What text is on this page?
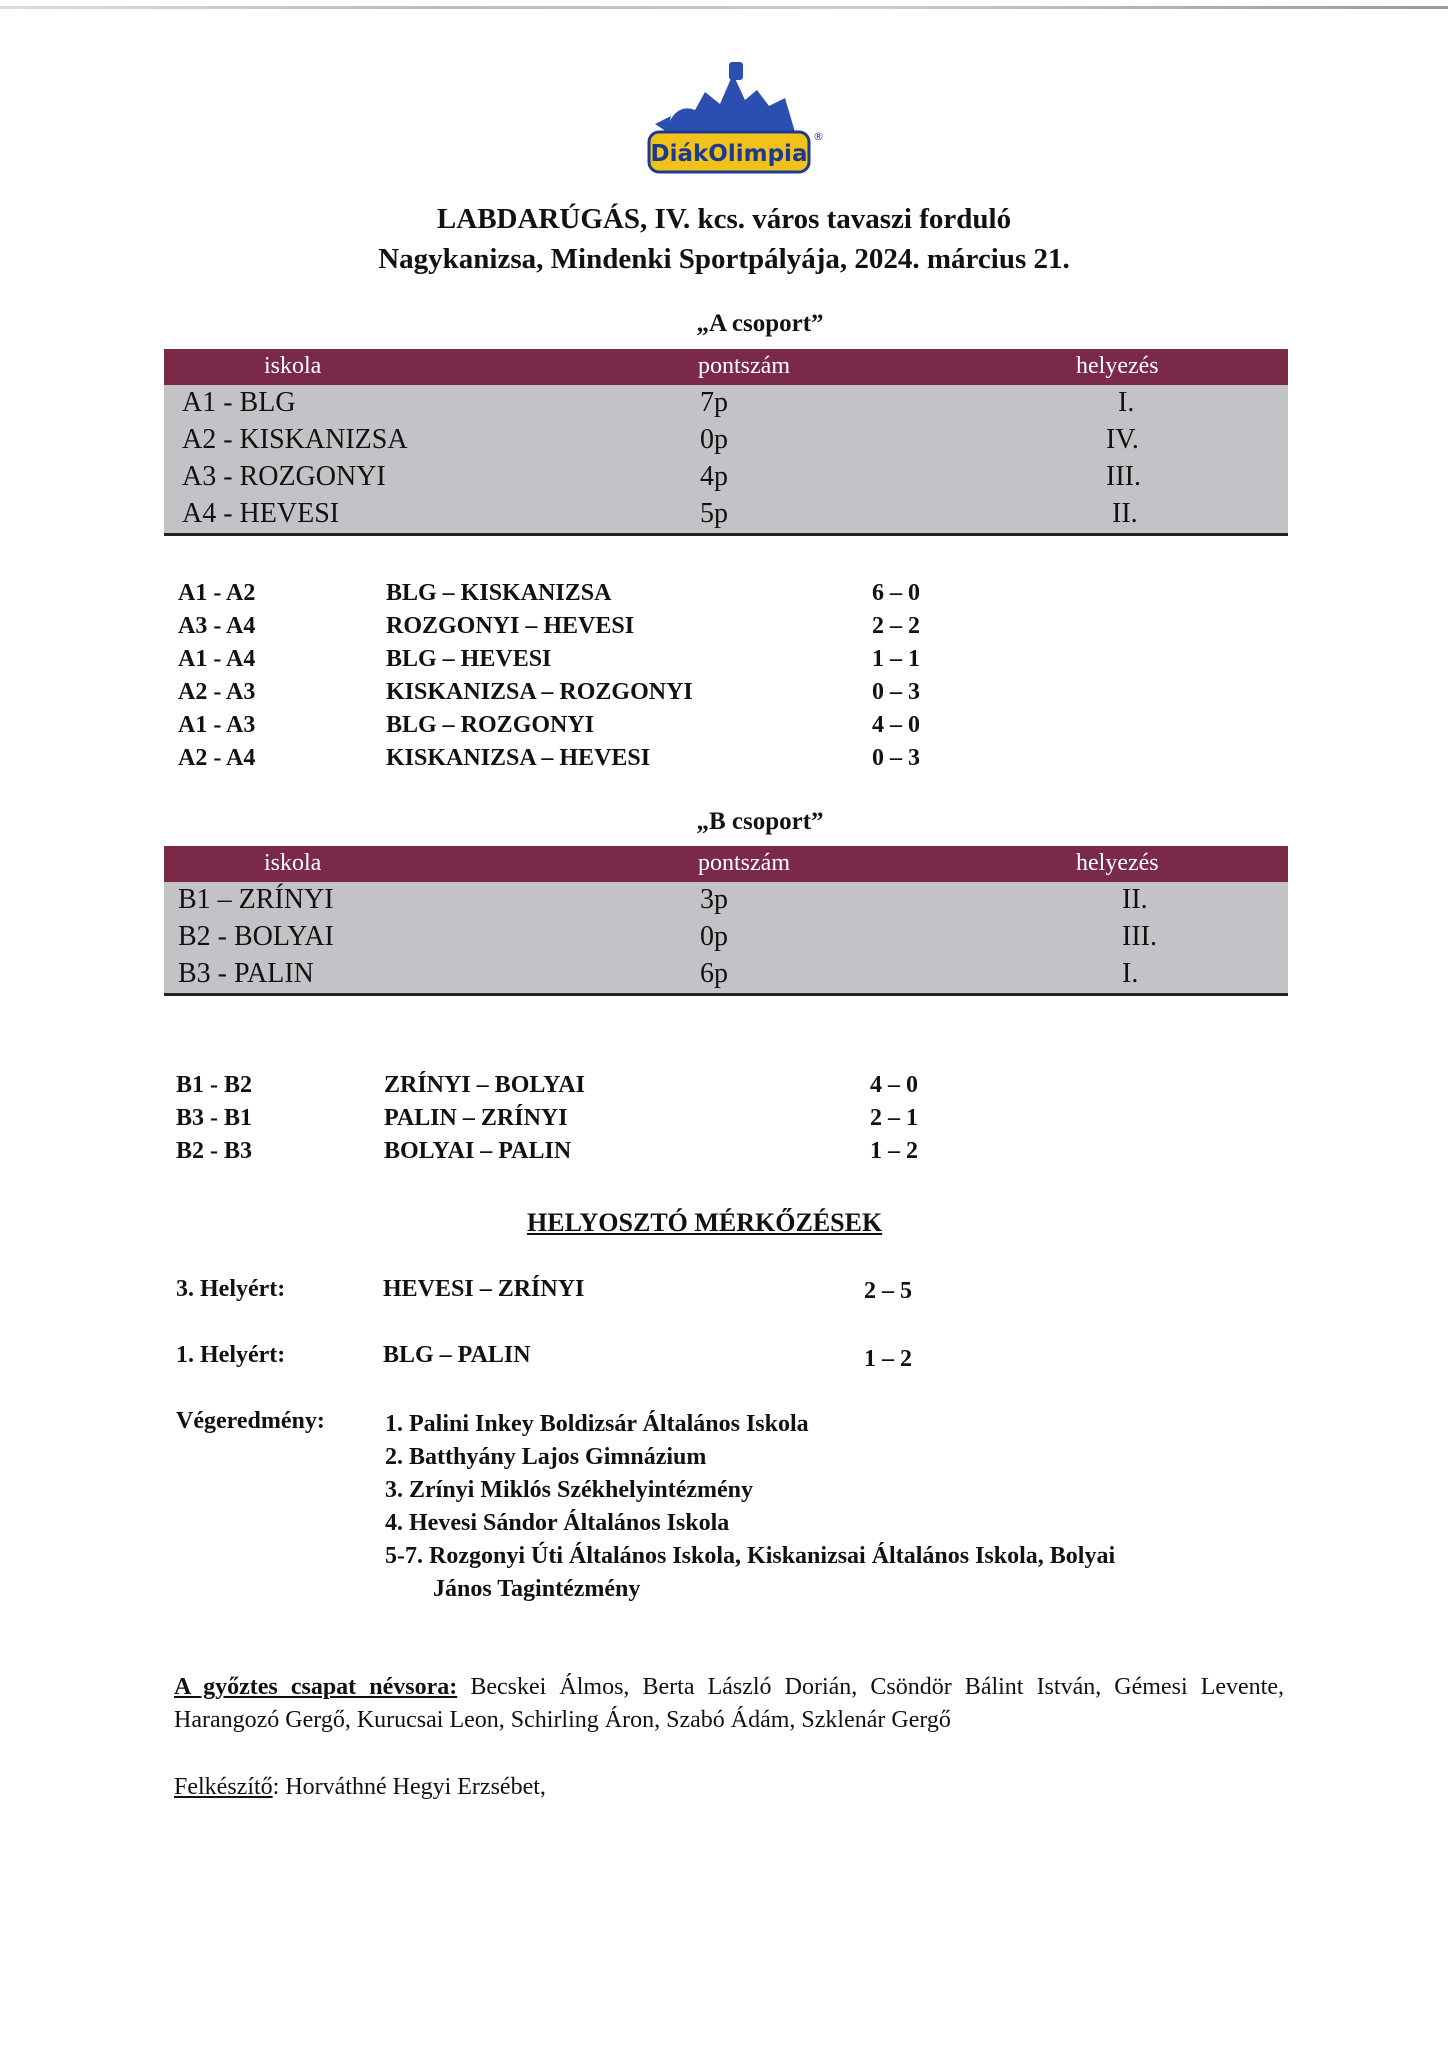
DiákOlimpia
®
LABDARÚGÁS, IV. kcs. város tavaszi forduló
Nagykanizsa, Mindenki Sportpályája, 2024. március 21.
„A csoport”
iskola	pontszám	helyezés
A1 - BLG	7p	I.
A2 - KISKANIZSA	0p	IV.
A3 - ROZGONYI	4p	III.
A4 - HEVESI	5p	II.
A1 - A2	BLG – KISKANIZSA	6 – 0
A3 - A4	ROZGONYI – HEVESI	2 – 2
A1 - A4	BLG – HEVESI	1 – 1
A2 - A3	KISKANIZSA – ROZGONYI	0 – 3
A1 - A3	BLG – ROZGONYI	4 – 0
A2 - A4	KISKANIZSA – HEVESI	0 – 3
„B csoport”
iskola	pontszám	helyezés
B1 – ZRÍNYI	3p	II.
B2 - BOLYAI	0p	III.
B3 - PALIN	6p	I.
B1 - B2	ZRÍNYI – BOLYAI	4 – 0
B3 - B1	PALIN – ZRÍNYI	2 – 1
B2 - B3	BOLYAI – PALIN	1 – 2
HELYOSZTÓ MÉRKŐZÉSEK
3. Helyért:	HEVESI – ZRÍNYI	2 – 5
1. Helyért:	BLG – PALIN	1 – 2
Végeredmény:	1. Palini Inkey Boldizsár Általános Iskola
2. Batthyány Lajos Gimnázium
3. Zrínyi Miklós Székhelyintézmény
4. Hevesi Sándor Általános Iskola
5-7. Rozgonyi Úti Általános Iskola, Kiskanizsai Általános Iskola, Bolyai
János Tagintézmény
A győztes csapat névsora: Becskei Álmos, Berta László Dorián, Csöndör Bálint István, Gémesi Levente, Harangozó Gergő, Kurucsai Leon, Schirling Áron, Szabó Ádám, Szklenár Gergő
Felkészítő: Horváthné Hegyi Erzsébet,
